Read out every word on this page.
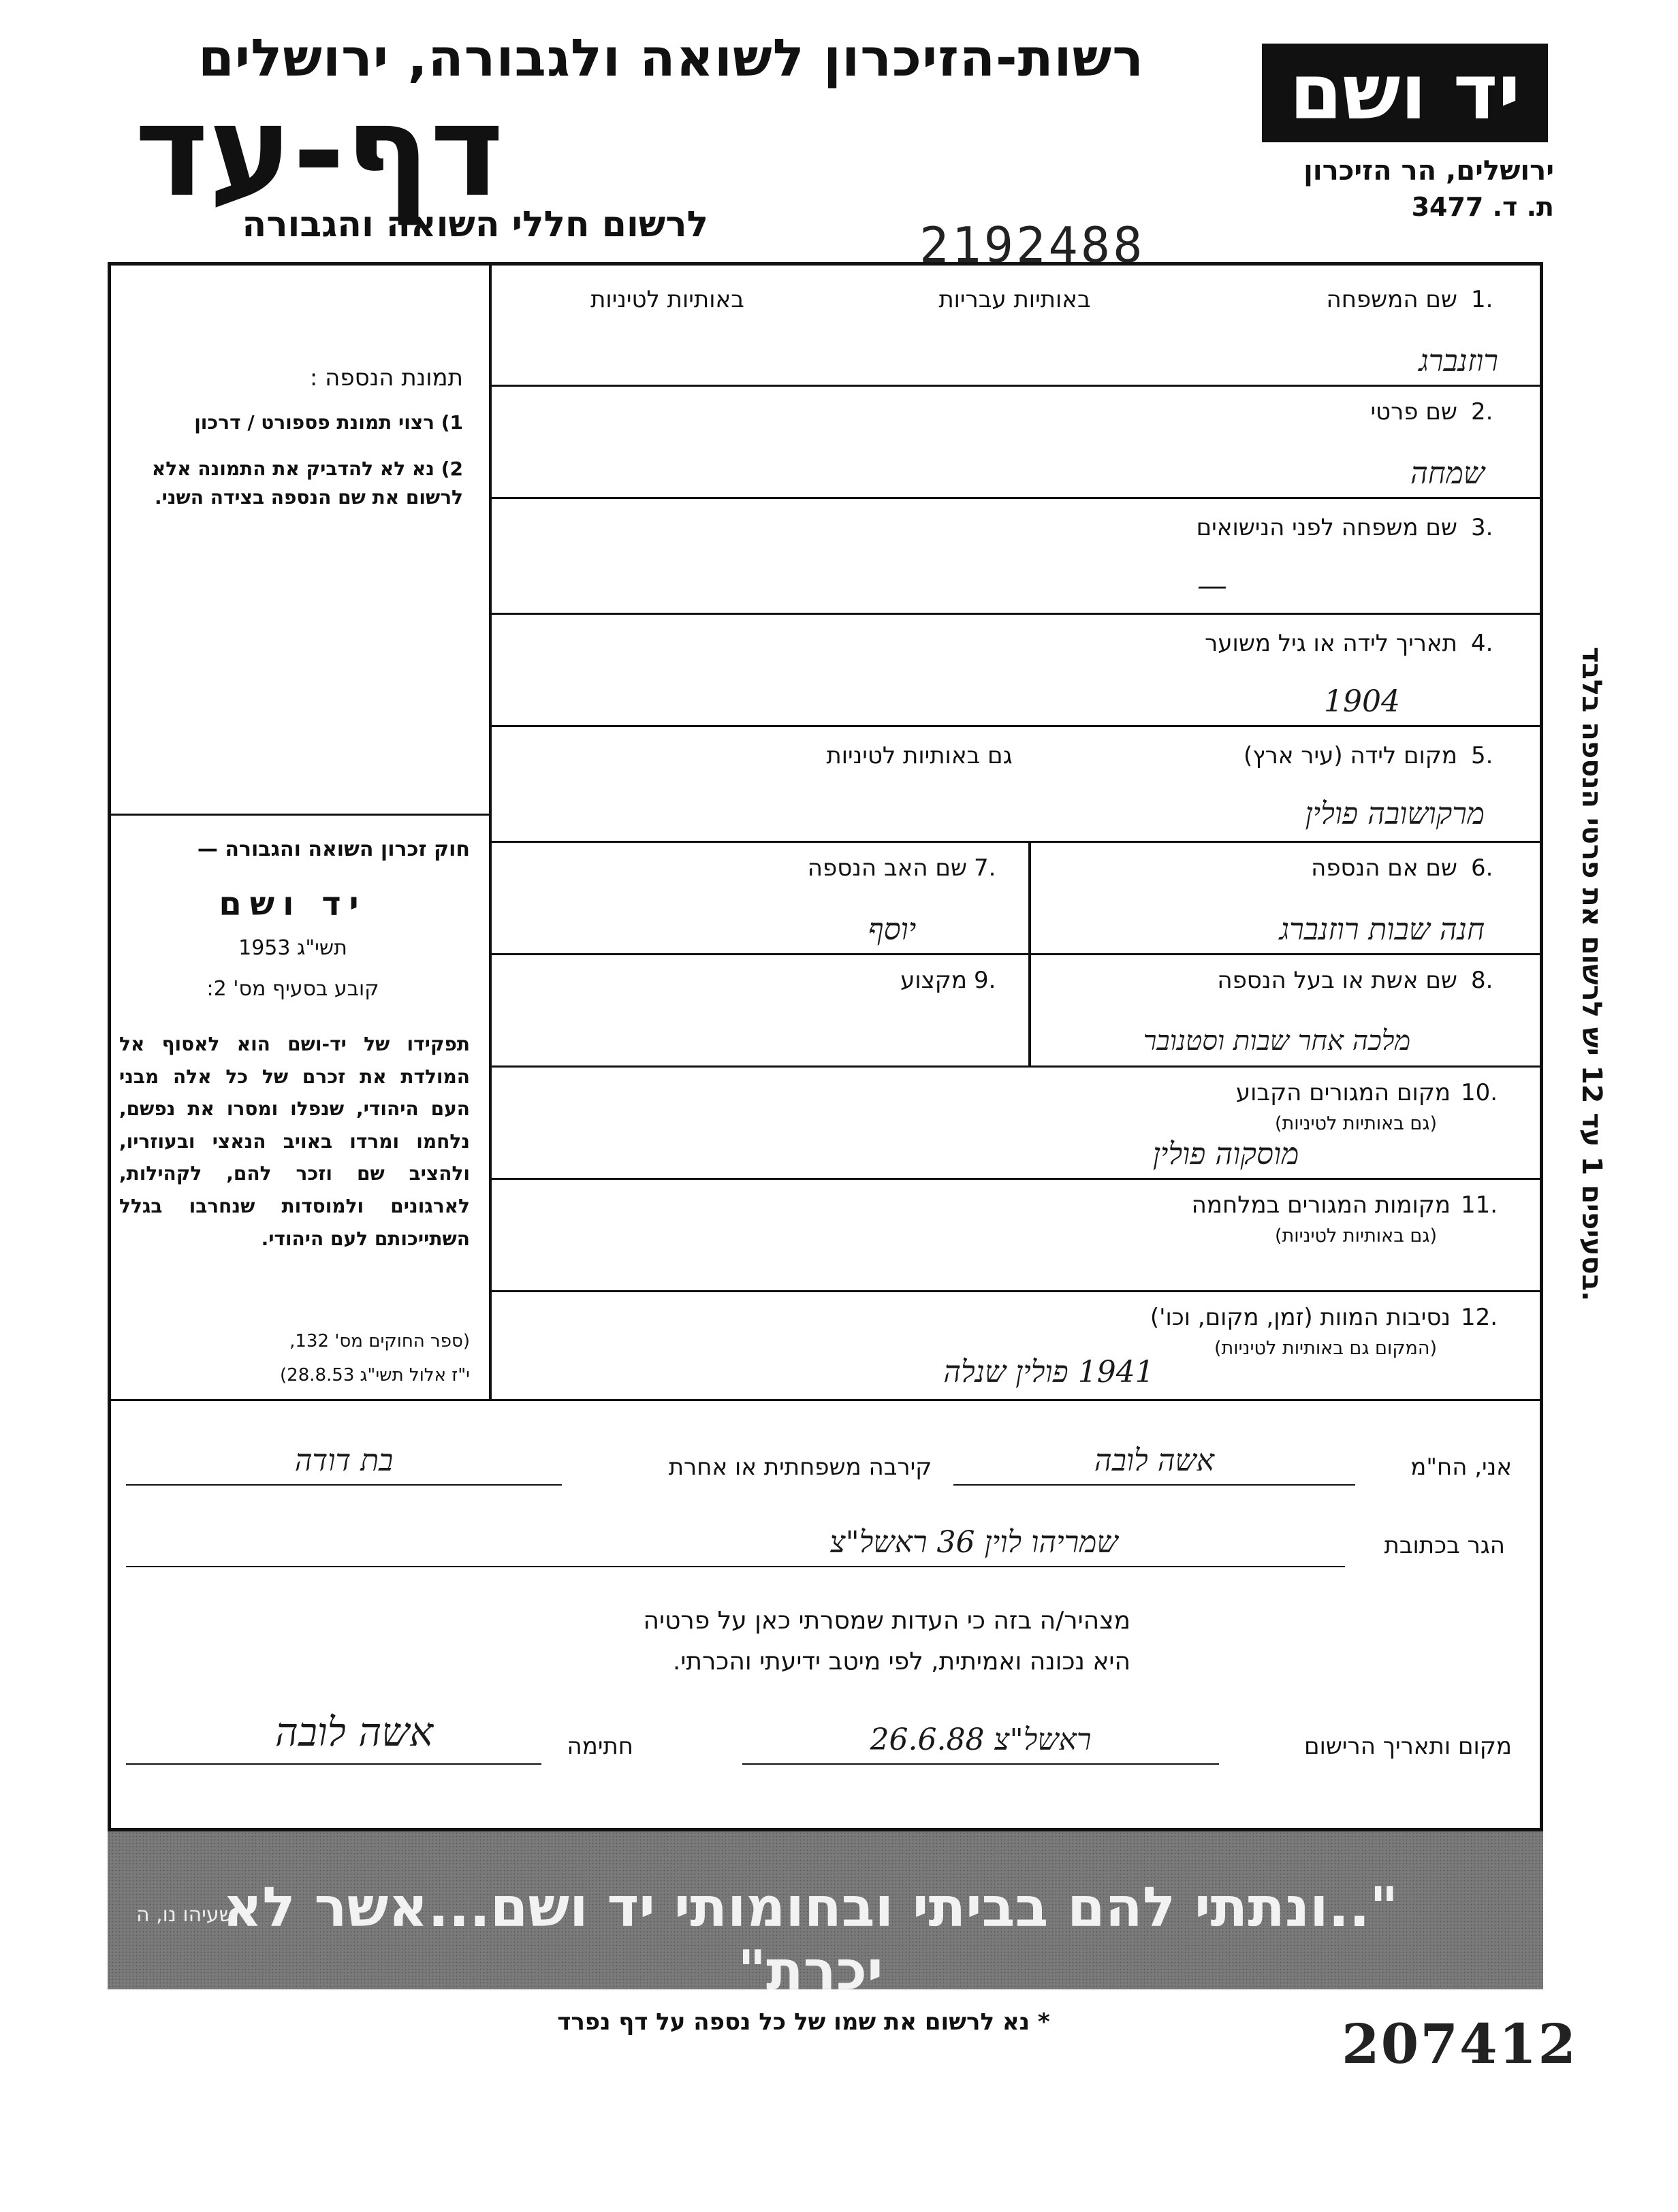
רשות-הזיכרון לשואה ולגבורה, ירושלים
דף-עד
לרשום חללי השואה והגבורה
יד ושם
ירושלים, הר הזיכרון
ת. ד. 3477
2192488
תמונת הנספה :
1) רצוי תמונת פספורט / דרכון
2) נא לא להדביק את התמונה אלא לרשום את שם הנספה בצידה השני.
חוק זכרון השואה והגבורה —
יד ושם
תשי"ג 1953
קובע בסעיף מס' 2:
תפקידו של יד-ושם הוא לאסוף אל המולדת את זכרם של כל אלה מבני העם היהודי, שנפלו ומסרו את נפשם, נלחמו ומרדו באויב הנאצי ובעוזריו, ולהציב שם וזכר להם, לקהילות, לארגונים ולמוסדות שנחרבו בגלל השתייכותם לעם היהודי.
(ספר החוקים מס' 132,
י"ז אלול תשי"ג 28.8.53)
1.
שם המשפחה
באותיות עבריות
באותיות לטיניות
רוזנברג
2.
שם פרטי
שמחה
3.
שם משפחה לפני הנישואים
—
4.
תאריך לידה או גיל משוער
1904
5.
מקום לידה (עיר ארץ)
גם באותיות לטיניות
מרקושובה פולין
6.
שם אם הנספה
חנה שבות רוזנברג
7.
שם האב הנספה
יוסף
8.
שם אשת או בעל הנספה
מלכה אחר שבות וסטנובר
9.
מקצוע
10.
מקום המגורים הקבוע
(גם באותיות לטיניות)
מוסקוה פולין
11.
מקומות המגורים במלחמה
(גם באותיות לטיניות)
12.
נסיבות המוות (זמן, מקום, וכו')
(המקום גם באותיות לטיניות)
1941 פולין שנלה
אני, הח"מ
אשה לובה
קירבה משפחתית או אחרת
בת דודה
הגר בכתובת
שמריהו לוין 36 ראשל"צ
מצהיר/ה בזה כי העדות שמסרתי כאן על פרטיה
היא נכונה ואמיתית, לפי מיטב ידיעתי והכרתי.
מקום ותאריך הרישום
ראשל"צ 26.6.88
חתימה
אשה לובה
בסעיפים 1 עד 12 יש לרשום את פרטי הנספה בלבד.
"..ונתתי להם בביתי ובחומותי יד ושם...אשר לא יכרת"
ישעיהו נו, ה
* נא לרשום את שמו של כל נספה על דף נפרד	207412
